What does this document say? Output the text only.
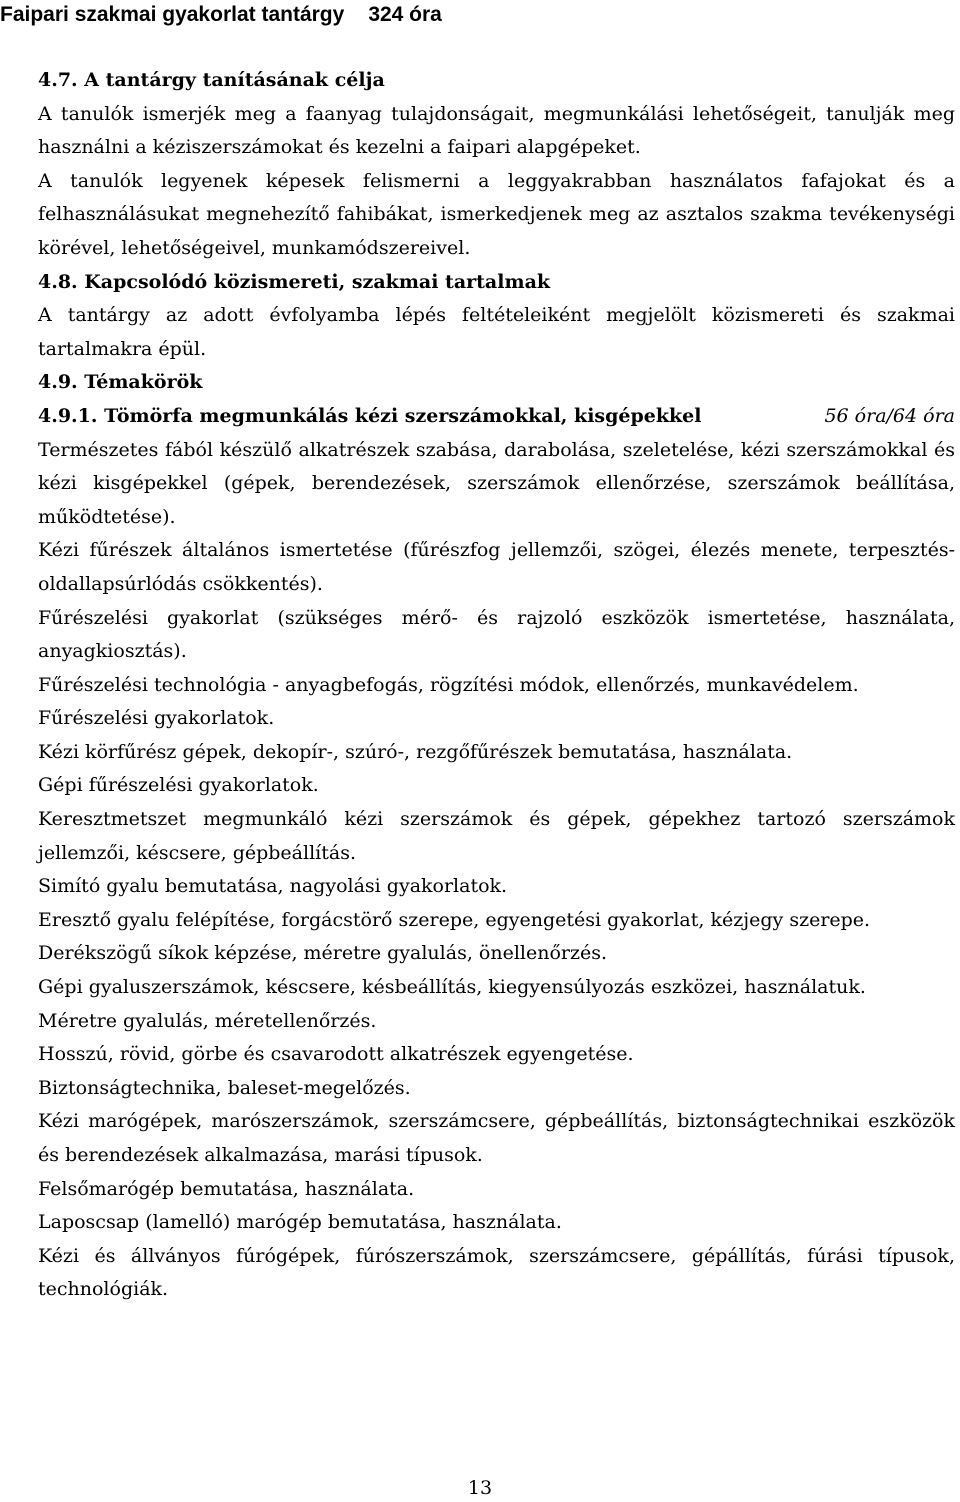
Faipari szakmai gyakorlat tantárgy 324 óra
4.7. A tantárgy tanításának célja

A tanulók ismerjék meg a faanyag tulajdonságait, megmunkálási lehetőségeit, tanulják meg használni a kéziszerszámokat és kezelni a faipari alapgépeket.

A tanulók legyenek képesek felismerni a leggyakrabban használatos fafajokat és a felhasználásukat megnehezítő fahibákat, ismerkedjenek meg az asztalos szakma tevékenységi körével, lehetőségeivel, munkamódszereivel.

4.8. Kapcsolódó közismereti, szakmai tartalmak

A tantárgy az adott évfolyamba lépés feltételeiként megjelölt közismereti és szakmai tartalmakra épül.

4.9. Témakörök
4.9.1. Tömörfa megmunkálás kézi szerszámokkal, kisgépekkel	56 óra/64 óra

Természetes fából készülő alkatrészek szabása, darabolása, szeletelése, kézi szerszámokkal és kézi kisgépekkel (gépek, berendezések, szerszámok ellenőrzése, szerszámok beállítása, működtetése).

Kézi fűrészek általános ismertetése (fűrészfog jellemzői, szögei, élezés menete, terpesztés-oldallapsúrlódás csökkentés).

Fűrészelési gyakorlat (szükséges mérő- és rajzoló eszközök ismertetése, használata, anyagkiosztás).

Fűrészelési technológia - anyagbefogás, rögzítési módok, ellenőrzés, munkavédelem.

Fűrészelési gyakorlatok.

Kézi körfűrész gépek, dekopír-, szúró-, rezgőfűrészek bemutatása, használata.

Gépi fűrészelési gyakorlatok.

Keresztmetszet megmunkáló kézi szerszámok és gépek, gépekhez tartozó szerszámok jellemzői, késcsere, gépbeállítás.

Simító gyalu bemutatása, nagyolási gyakorlatok.

Eresztő gyalu felépítése, forgácstörő szerepe, egyengetési gyakorlat, kézjegy szerepe.

Derékszögű síkok képzése, méretre gyalulás, önellenőrzés.

Gépi gyaluszerszámok, késcsere, késbeállítás, kiegyensúlyozás eszközei, használatuk.

Méretre gyalulás, méretellenőrzés.

Hosszú, rövid, görbe és csavarodott alkatrészek egyengetése.

Biztonságtechnika, baleset-megelőzés.

Kézi marógépek, marószerszámok, szerszámcsere, gépbeállítás, biztonságtechnikai eszközök és berendezések alkalmazása, marási típusok.

Felsőmarógép bemutatása, használata.

Laposcsap (lamelló) marógép bemutatása, használata.

Kézi és állványos fúrógépek, fúrószerszámok, szerszámcsere, gépállítás, fúrási típusok, technológiák.

13
